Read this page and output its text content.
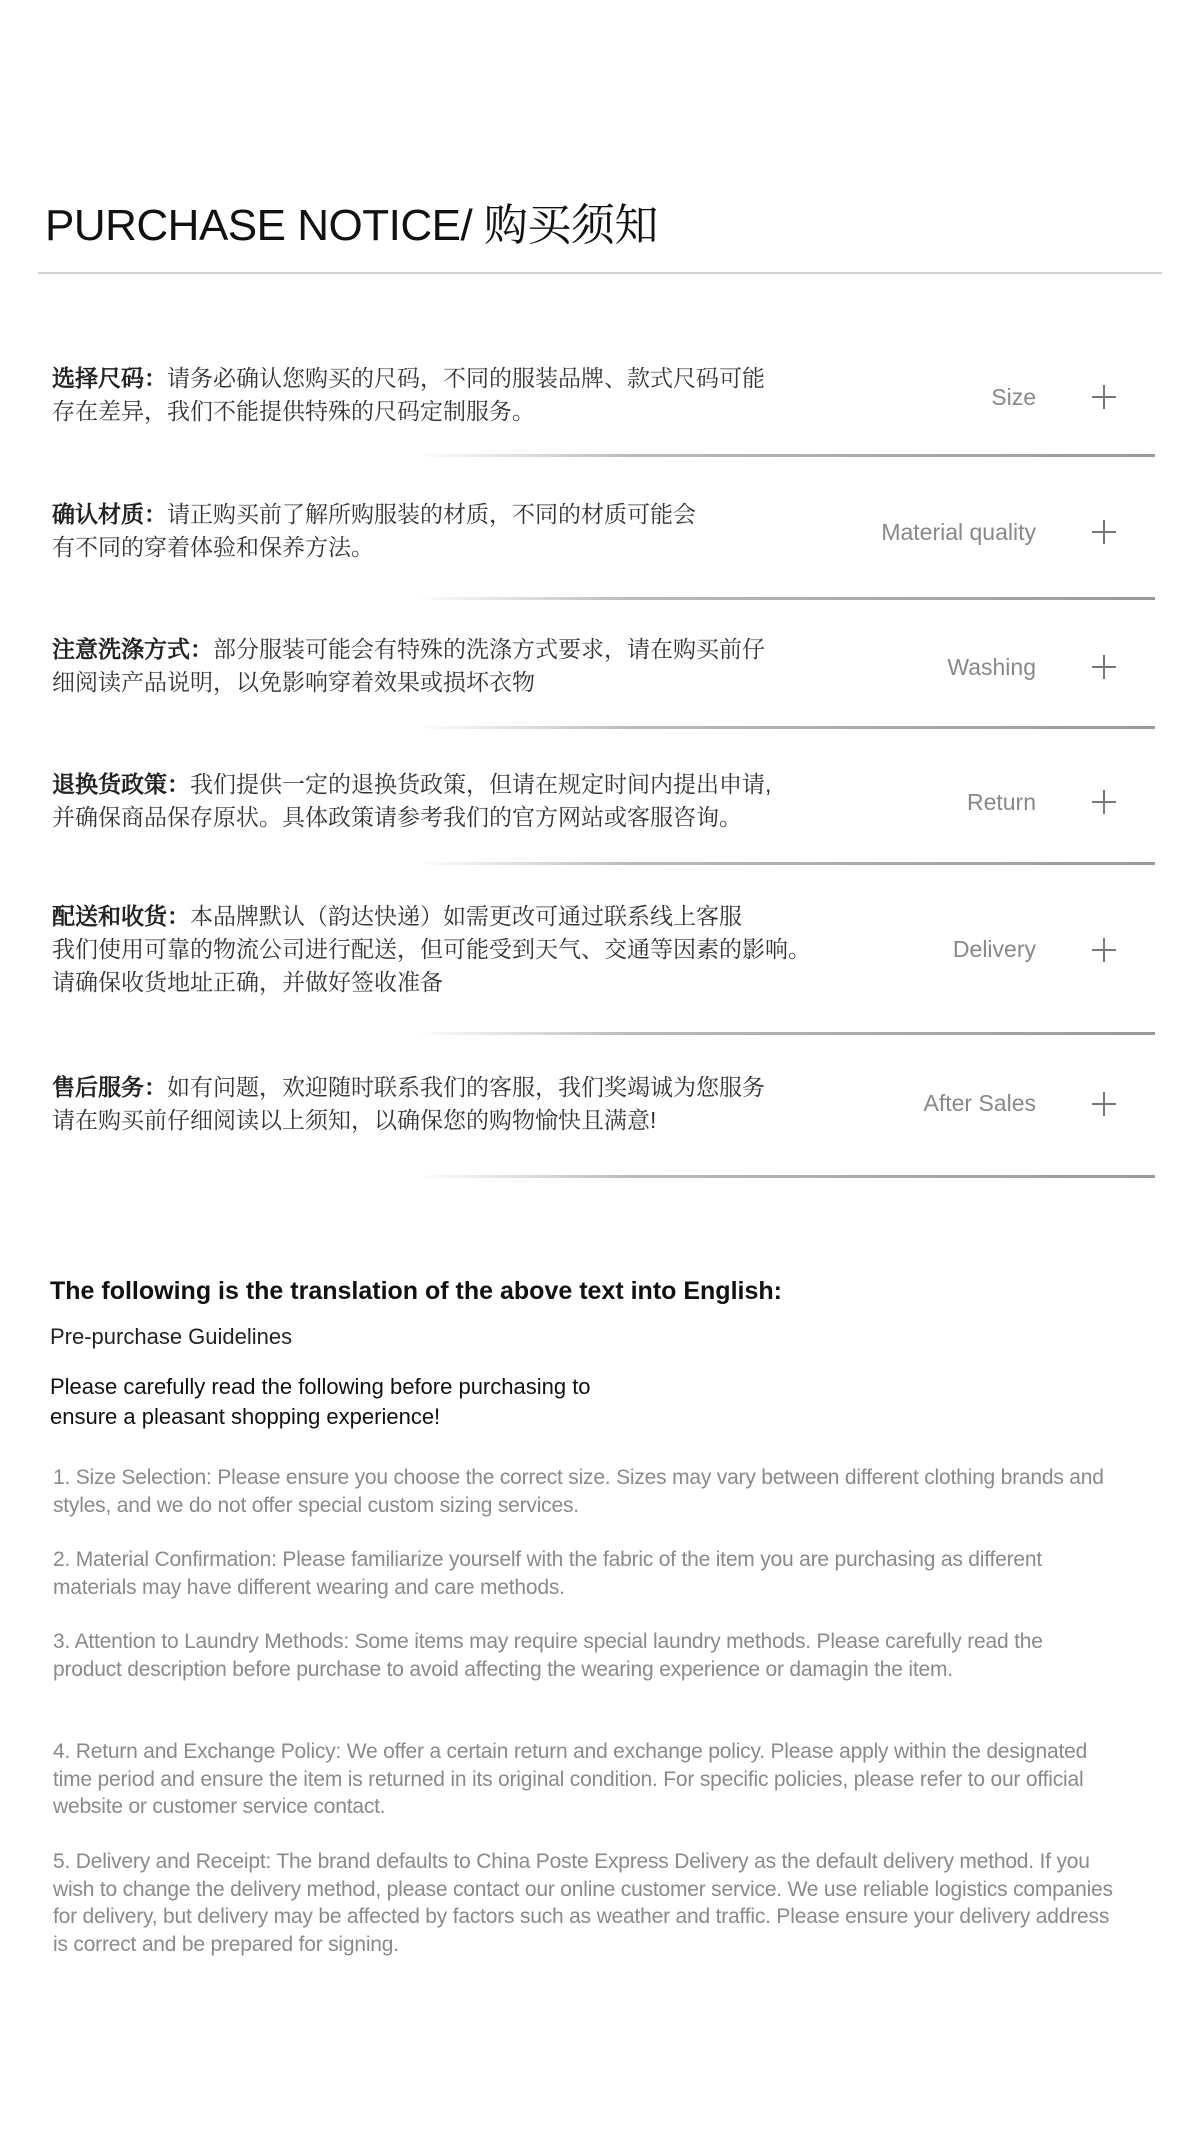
PURCHASE NOTICE/ 购买须知

选择尺码：请务必确认您购买的尺码，不同的服装品牌、款式尺码可能
存在差异，我们不能提供特殊的尺码定制服务。

Size

确认材质：请正购买前了解所购服装的材质，不同的材质可能会
有不同的穿着体验和保养方法。

Material quality

注意洗涤方式：部分服装可能会有特殊的洗涤方式要求，请在购买前仔
细阅读产品说明，以免影响穿着效果或损坏衣物

Washing

退换货政策：我们提供一定的退换货政策，但请在规定时间内提出申请,
并确保商品保存原状。具体政策请参考我们的官方网站或客服咨询。

Return

配送和收货：本品牌默认（韵达快递）如需更改可通过联系线上客服
我们使用可靠的物流公司进行配送，但可能受到天气、交通等因素的影响。
请确保收货地址正确，并做好签收准备

Delivery

售后服务：如有问题，欢迎随时联系我们的客服，我们奖竭诚为您服务
请在购买前仔细阅读以上须知，以确保您的购物愉快且满意!

After Sales
The following is the translation of the above text into English:

Pre-purchase Guidelines

Please carefully read the following before purchasing to
ensure a pleasant shopping experience!

1. Size Selection: Please ensure you choose the correct size. Sizes may vary between different clothing brands and styles, and we do not offer special custom sizing services.

2. Material Confirmation: Please familiarize yourself with the fabric of the item you are purchasing as different materials may have different wearing and care methods.

3. Attention to Laundry Methods: Some items may require special laundry methods. Please carefully read the product description before purchase to avoid affecting the wearing experience or damagin the item.

4. Return and Exchange Policy: We offer a certain return and exchange policy. Please apply within the designated time period and ensure the item is returned in its original condition. For specific policies, please refer to our official website or customer service contact.

5. Delivery and Receipt: The brand defaults to China Poste Express Delivery as the default delivery method. If you wish to change the delivery method, please contact our online customer service. We use reliable logistics companies for delivery, but delivery may be affected by factors such as weather and traffic. Please ensure your delivery address is correct and be prepared for signing.
